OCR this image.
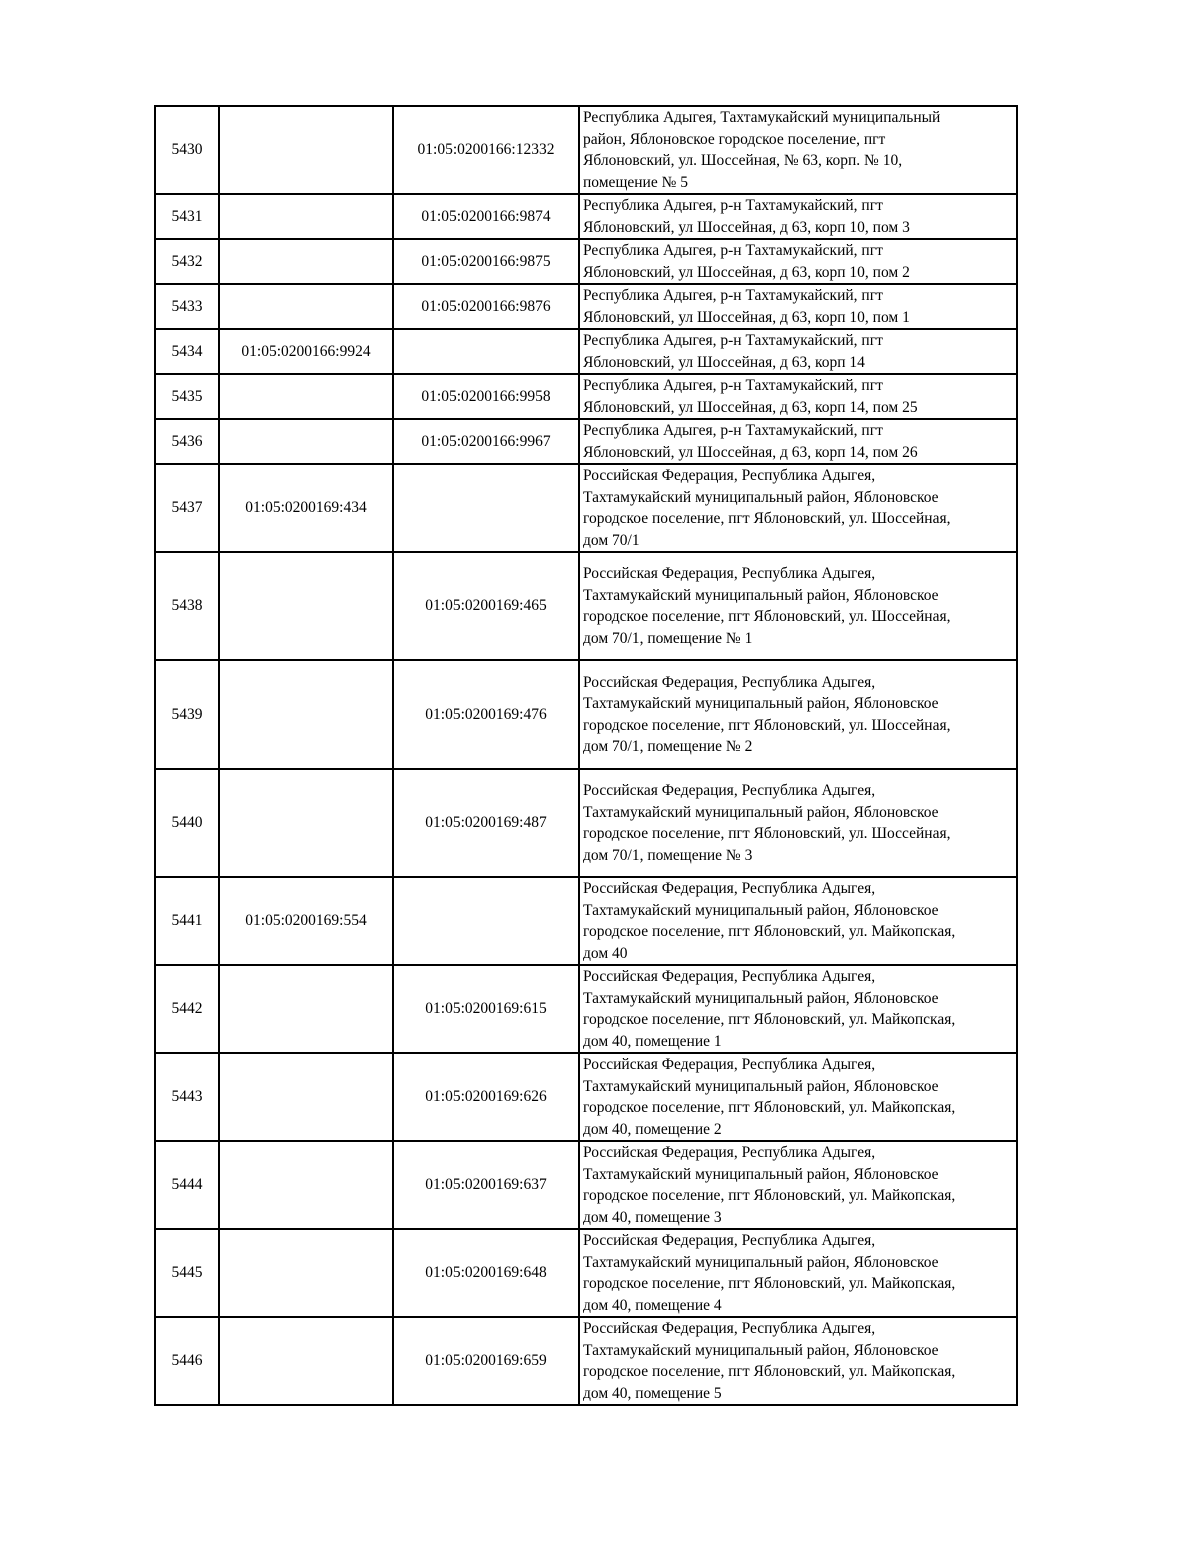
5430		01:05:0200166:12332	Республика Адыгея, Тахтамукайский муниципальный
район, Яблоновское городское поселение, пгт
Яблоновский, ул. Шоссейная, № 63, корп. № 10,
помещение № 5

5431		01:05:0200166:9874	Республика Адыгея, р-н Тахтамукайский, пгт
Яблоновский, ул Шоссейная, д 63, корп 10, пом 3

5432		01:05:0200166:9875	Республика Адыгея, р-н Тахтамукайский, пгт
Яблоновский, ул Шоссейная, д 63, корп 10, пом 2

5433		01:05:0200166:9876	Республика Адыгея, р-н Тахтамукайский, пгт
Яблоновский, ул Шоссейная, д 63, корп 10, пом 1

5434	01:05:0200166:9924		Республика Адыгея, р-н Тахтамукайский, пгт
Яблоновский, ул Шоссейная, д 63, корп 14

5435		01:05:0200166:9958	Республика Адыгея, р-н Тахтамукайский, пгт
Яблоновский, ул Шоссейная, д 63, корп 14, пом 25

5436		01:05:0200166:9967	Республика Адыгея, р-н Тахтамукайский, пгт
Яблоновский, ул Шоссейная, д 63, корп 14, пом 26

5437	01:05:0200169:434		Российская Федерация, Республика Адыгея,
Тахтамукайский муниципальный район, Яблоновское
городское поселение, пгт Яблоновский, ул. Шоссейная,
дом 70/1

5438		01:05:0200169:465	Российская Федерация, Республика Адыгея,
Тахтамукайский муниципальный район, Яблоновское
городское поселение, пгт Яблоновский, ул. Шоссейная,
дом 70/1, помещение № 1

5439		01:05:0200169:476	Российская Федерация, Республика Адыгея,
Тахтамукайский муниципальный район, Яблоновское
городское поселение, пгт Яблоновский, ул. Шоссейная,
дом 70/1, помещение № 2

5440		01:05:0200169:487	Российская Федерация, Республика Адыгея,
Тахтамукайский муниципальный район, Яблоновское
городское поселение, пгт Яблоновский, ул. Шоссейная,
дом 70/1, помещение № 3

5441	01:05:0200169:554		Российская Федерация, Республика Адыгея,
Тахтамукайский муниципальный район, Яблоновское
городское поселение, пгт Яблоновский, ул. Майкопская,
дом 40

5442		01:05:0200169:615	Российская Федерация, Республика Адыгея,
Тахтамукайский муниципальный район, Яблоновское
городское поселение, пгт Яблоновский, ул. Майкопская,
дом 40, помещение 1

5443		01:05:0200169:626	Российская Федерация, Республика Адыгея,
Тахтамукайский муниципальный район, Яблоновское
городское поселение, пгт Яблоновский, ул. Майкопская,
дом 40, помещение 2

5444		01:05:0200169:637	Российская Федерация, Республика Адыгея,
Тахтамукайский муниципальный район, Яблоновское
городское поселение, пгт Яблоновский, ул. Майкопская,
дом 40, помещение 3

5445		01:05:0200169:648	Российская Федерация, Республика Адыгея,
Тахтамукайский муниципальный район, Яблоновское
городское поселение, пгт Яблоновский, ул. Майкопская,
дом 40, помещение 4

5446		01:05:0200169:659	Российская Федерация, Республика Адыгея,
Тахтамукайский муниципальный район, Яблоновское
городское поселение, пгт Яблоновский, ул. Майкопская,
дом 40, помещение 5
